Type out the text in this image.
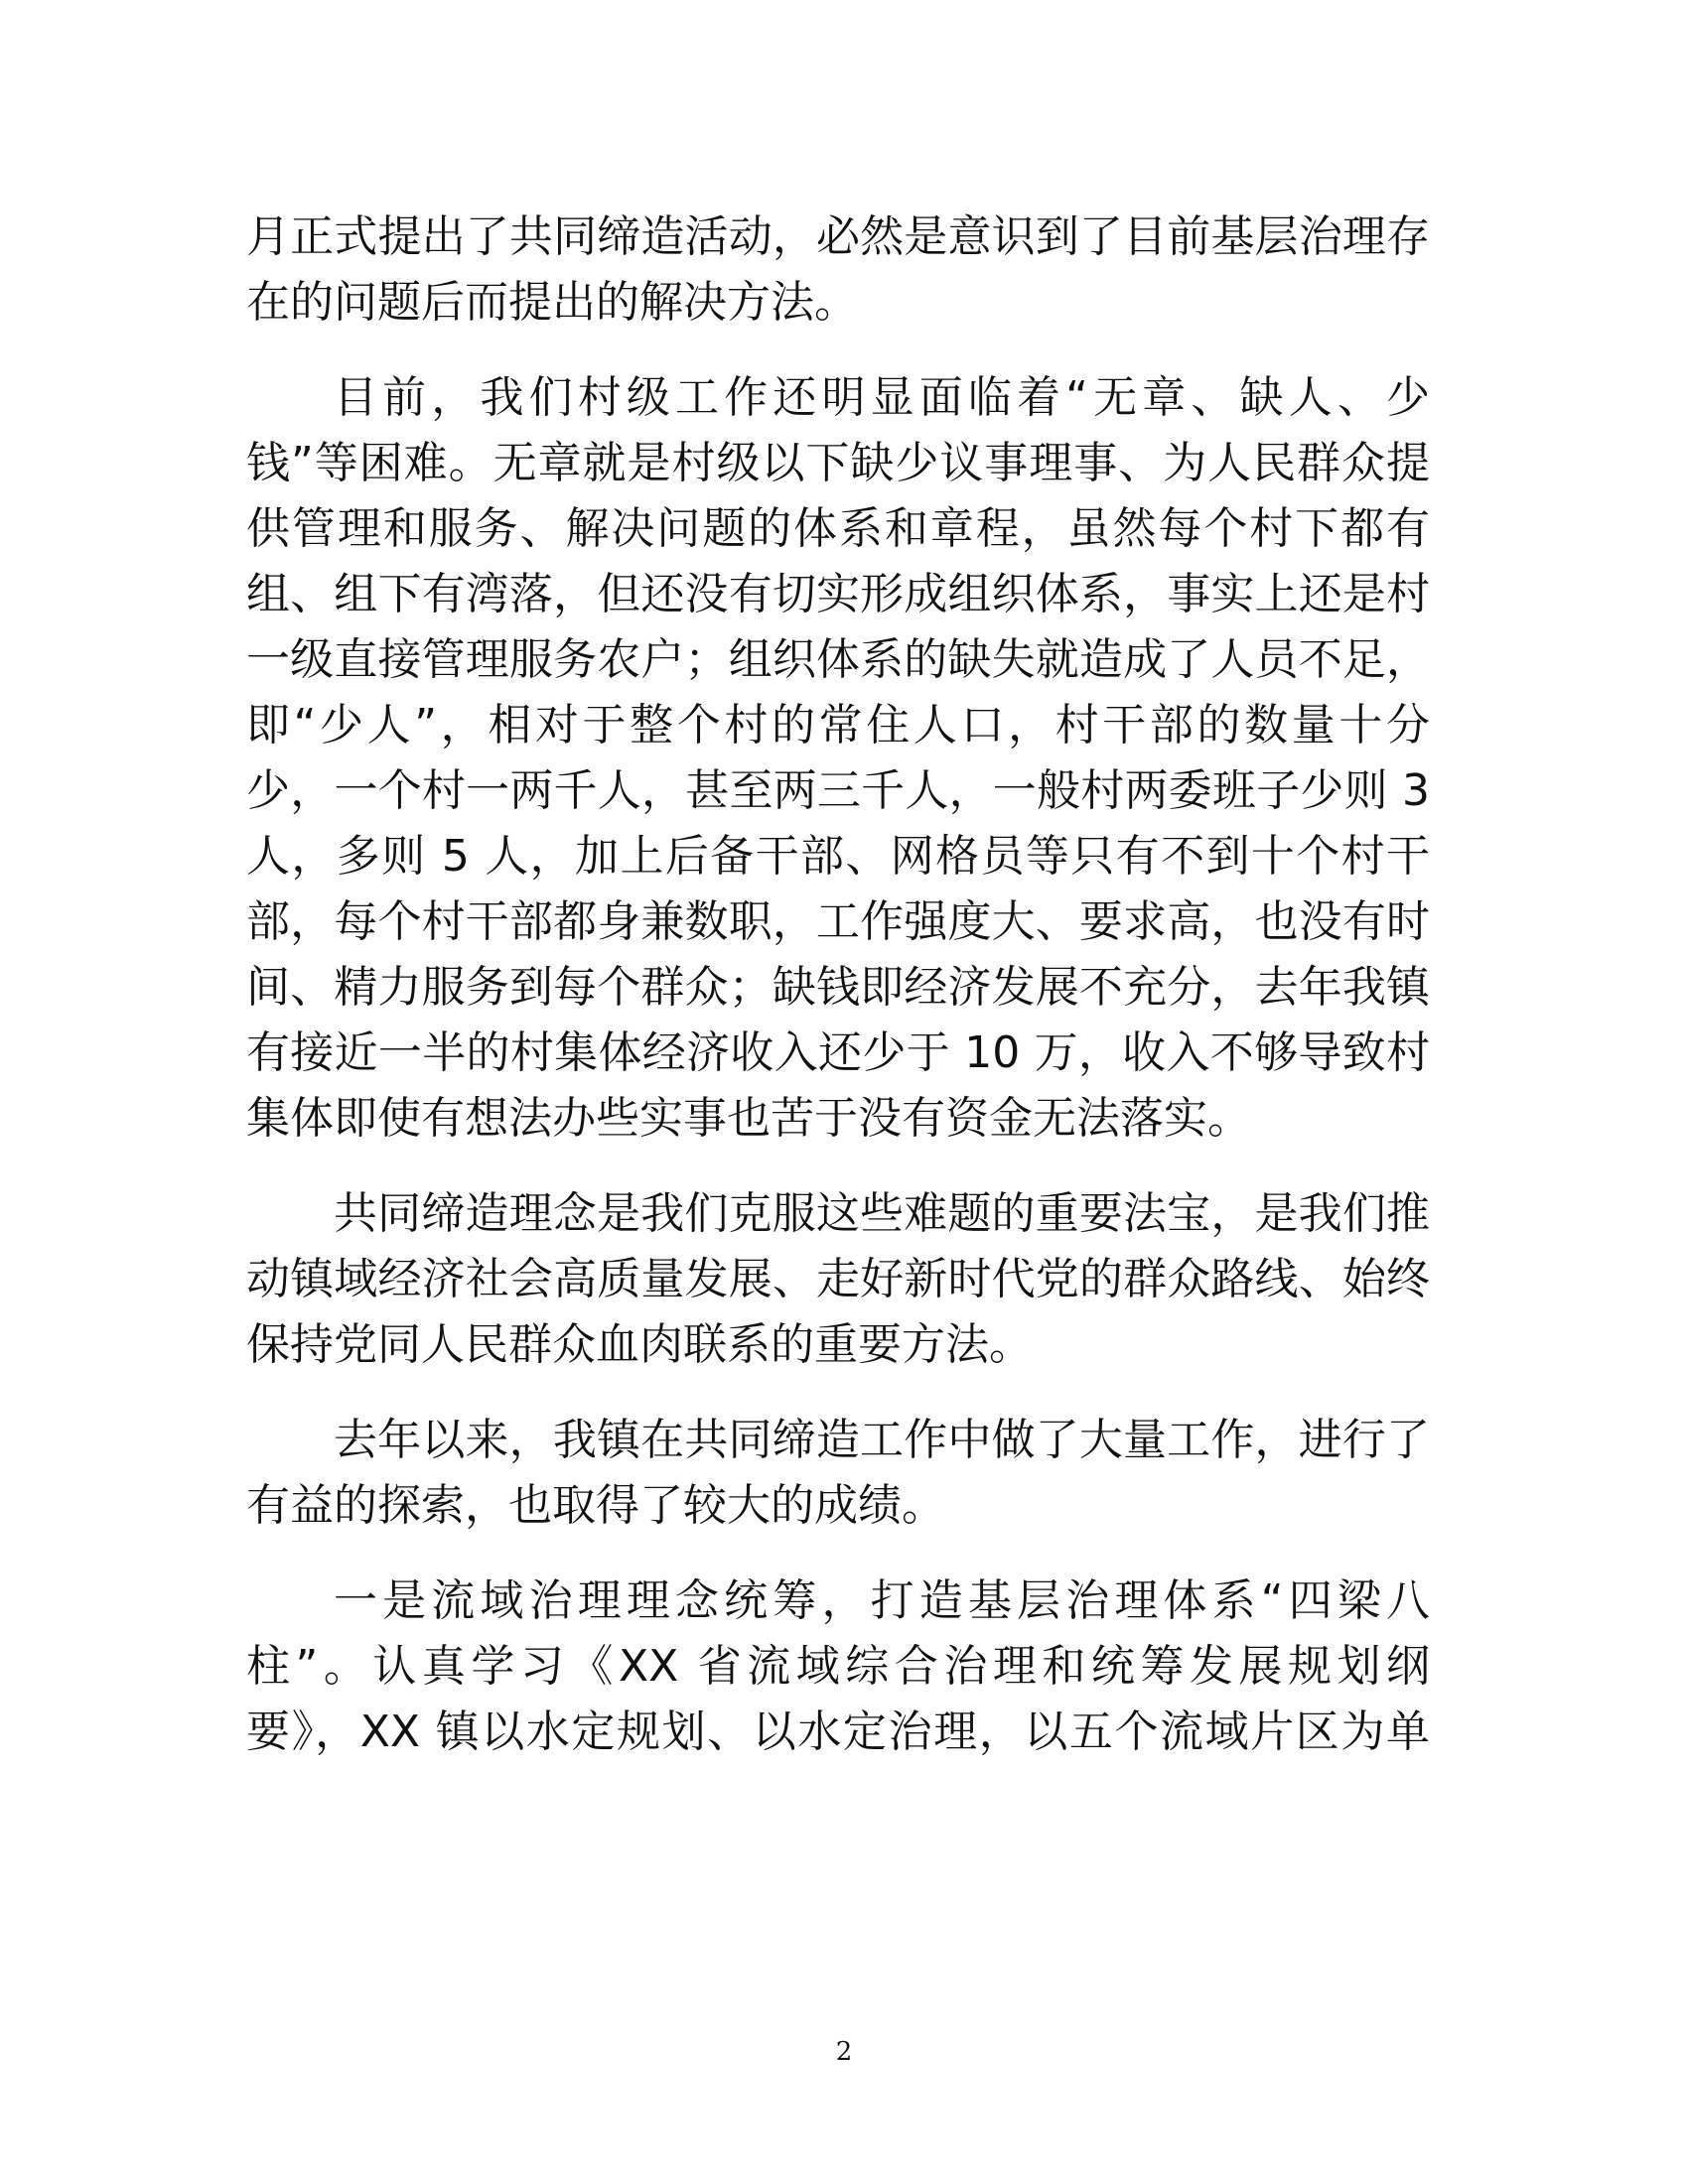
月正式提出了共同缔造活动，必然是意识到了目前基层治理存
在的问题后而提出的解决方法。
目前，我们村级工作还明显面临着“无章、缺人、少
钱”等困难。无章就是村级以下缺少议事理事、为人民群众提
供管理和服务、解决问题的体系和章程，虽然每个村下都有
组、组下有湾落，但还没有切实形成组织体系，事实上还是村
一级直接管理服务农户；组织体系的缺失就造成了人员不足，
即“少人”，相对于整个村的常住人口，村干部的数量十分
少，一个村一两千人，甚至两三千人，一般村两委班子少则 3
人，多则 5 人，加上后备干部、网格员等只有不到十个村干
部，每个村干部都身兼数职，工作强度大、要求高，也没有时
间、精力服务到每个群众；缺钱即经济发展不充分，去年我镇
有接近一半的村集体经济收入还少于 10 万，收入不够导致村
集体即使有想法办些实事也苦于没有资金无法落实。
共同缔造理念是我们克服这些难题的重要法宝，是我们推
动镇域经济社会高质量发展、走好新时代党的群众路线、始终
保持党同人民群众血肉联系的重要方法。
去年以来，我镇在共同缔造工作中做了大量工作，进行了
有益的探索，也取得了较大的成绩。
一是流域治理理念统筹，打造基层治理体系“四梁八
柱”。认真学习《XX 省流域综合治理和统筹发展规划纲
要》，XX 镇以水定规划、以水定治理，以五个流域片区为单
2
